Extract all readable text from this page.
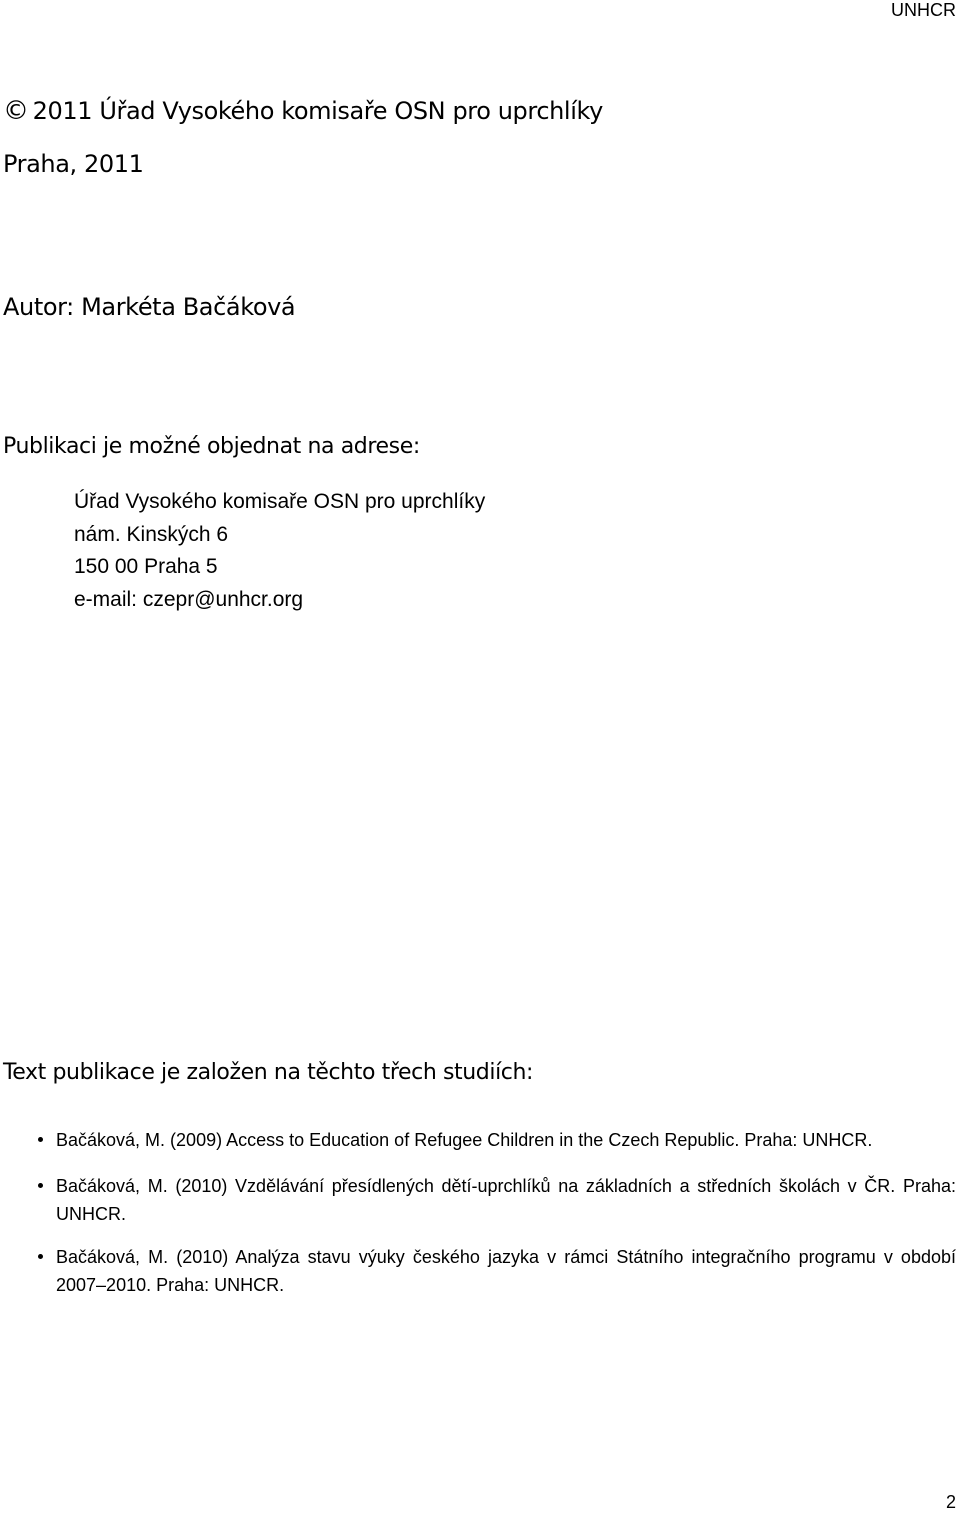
UNHCR
© 2011 Úřad Vysokého komisaře OSN pro uprchlíky
Praha, 2011
Autor: Markéta Bačáková
Publikaci je možné objednat na adrese:
Úřad Vysokého komisaře OSN pro uprchlíky
nám. Kinských 6
150 00 Praha 5
e-mail: czepr@unhcr.org
Text publikace je založen na těchto třech studiích:
Bačáková, M. (2009) Access to Education of Refugee Children in the Czech Republic. Praha: UNHCR.
Bačáková, M. (2010) Vzdělávání přesídlených dětí-uprchlíků na základních a středních školách v ČR. Praha: UNHCR.
Bačáková, M. (2010) Analýza stavu výuky českého jazyka v rámci Státního integračního programu v období 2007–2010. Praha: UNHCR.
2
